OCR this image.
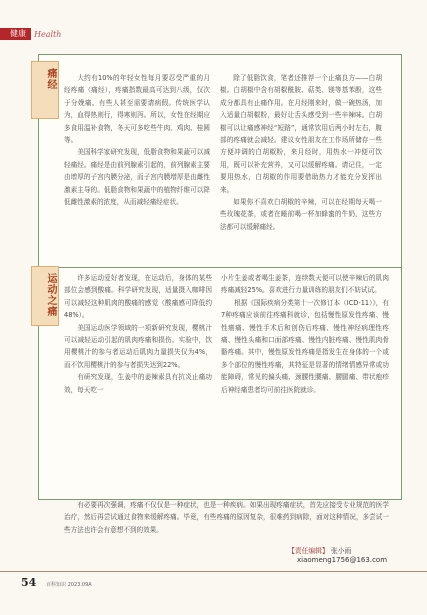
健康	Health
痛经	大约有10%的年轻女性每月要忍受严重的月经疼痛（痛经），疼痛指数最高可达到八级，仅次于分娩痛。有些人甚至需要请病假。传统医学认为，血得热则行，得寒则泻。所以，女性在经期应多食用温补食物，冬天可多吃些牛肉、鸡肉、桂圆等。

美国科学家研究发现，低脂食物和果蔬可以减轻痛经。痛经是由前列腺素引起的，前列腺素主要由增厚的子宫内膜分泌，而子宫内膜增厚是由雌性激素主导的。低脂食物和果蔬中的植物纤维可以降低雌性激素的浓度，从而减轻痛经症状。

除了低脂饮食，笔者还推荐一个止痛良方——白胡椒。白胡椒中含有胡椒酰胺、萜类、镁等基苯酚，这些成分都具有止痛作用。在月经刚来时，做一碗热汤，加入适量白胡椒粉，最好让舌头感受到一些辛辣味。白胡椒可以让痛感神经“短路”，通常饮用后两小时左右，腹部的疼痛就会减轻。建议女性朋友在工作场所储存一些方便冲调的白胡椒粉，来月经时，用热水一冲便可饮用，既可以补充营养，又可以缓解疼痛。请记住，一定要用热水，白胡椒的作用要借助热力才能充分发挥出来。

如果你不喜欢白胡椒的辛辣，可以在经期每天喝一些玫瑰花茶，或者在睡前喝一杯加蜂蜜的牛奶，这些方法都可以缓解痛经。

运动之痛	许多运动爱好者发现，在运动后，身体的某些部位会感到酸痛。科学研究发现，适量摄入咖啡因可以减轻这种肌肉的酸痛的感觉（酸痛感可降低约48%）。

美国运动医学领域的一项新研究发现，樱桃汁可以减轻运动引起的肌肉疼痛和损伤。实验中，饮用樱桃汁的参与者运动后肌肉力量损失仅为4%，而不饮用樱桃汁的参与者损失达到22%。

有研究发现，生姜中的姜辣素具有抗炎止痛功效，每天吃一

小片生姜或者喝生姜茶，连续数天便可以使辛辣后的肌肉疼痛减轻25%。喜欢进行力量训练的朋友们不妨试试。

根据《国际疾病分类第十一次修订本（ICD-11）》，有7种疼痛应该前往疼痛科就诊，包括慢性原发性疼痛、慢性癌痛、慢性手术后和创伤后疼痛、慢性神经病理性疼痛、慢性头痛和口面部疼痛、慢性内脏疼痛、慢性肌肉骨骼疼痛。其中，慢性原发性疼痛是指发生在身体的一个或多个部位的慢性疼痛，其特征是显著的情绪情感异常或功能障碍，常见的偏头痛、颈腰性腰痛、腰腿痛、带状疱疹后神经痛患者均可前往医院就诊。

有必要再次强调，疼痛不仅仅是一种症状，也是一种疾病。如果出现疼痛症状，首先应接受专业规范的医学治疗，然后再尝试通过食物来缓解疼痛。毕竟，有些疼痛的原因复杂，很难药到病除，面对这种情况，多尝试一些方法也许会有意想不到的效果。

【责任编辑】 张小雨
xiaomeng1756@163.com
54 百科知识 2023.09A
